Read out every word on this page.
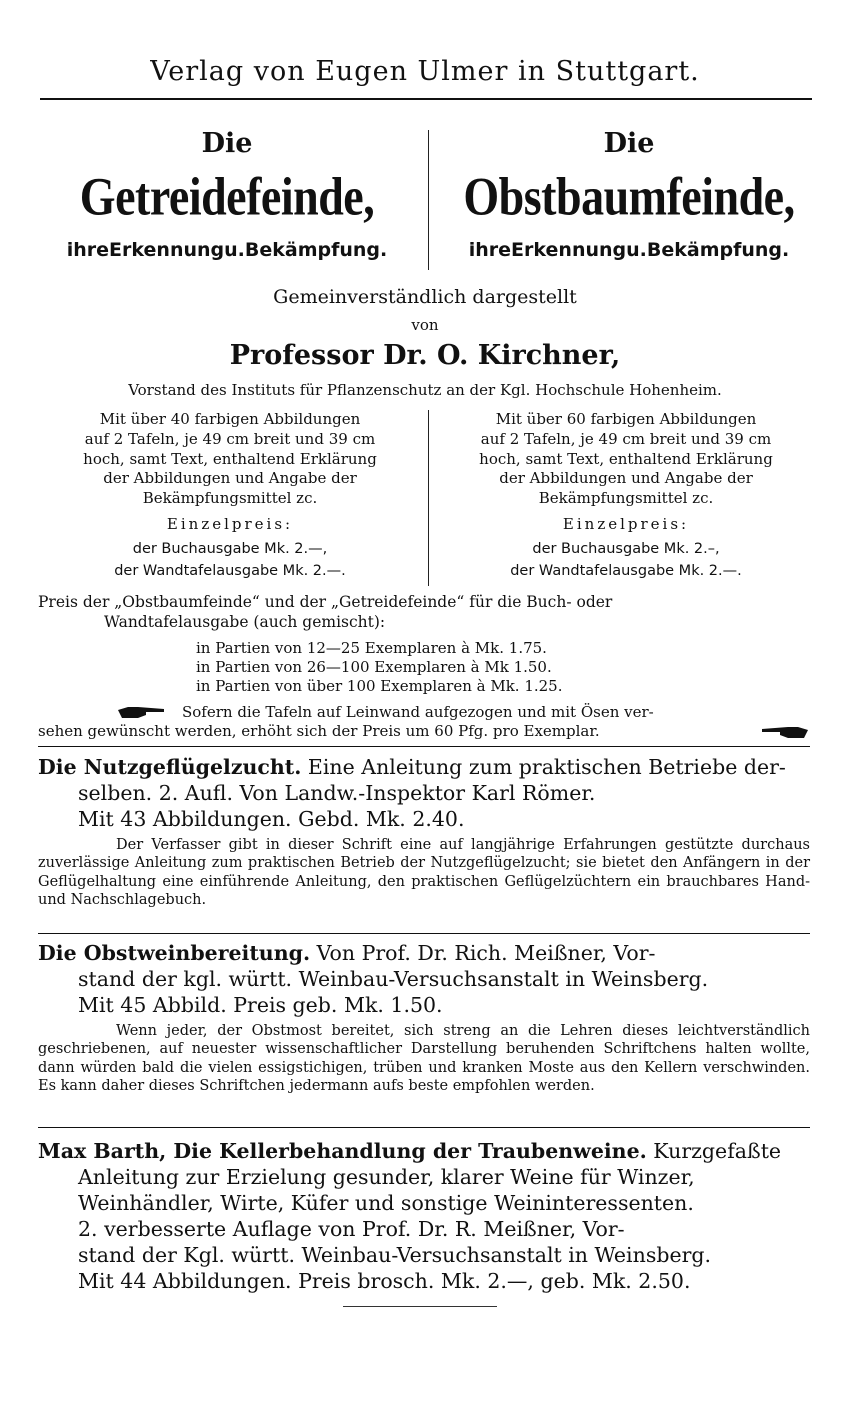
Verlag von Eugen Ulmer in Stuttgart.
Die
Getreidefeinde,
ihreErkennungu.Bekämpfung.
Die
Obstbaumfeinde,
ihreErkennungu.Bekämpfung.
Gemeinverständlich dargestellt
von
Professor Dr. O. Kirchner,
Vorstand des Instituts für Pflanzenschutz an der Kgl. Hochschule Hohenheim.
Mit über 40 farbigen Abbildungen
auf 2 Tafeln, je 49 cm breit und 39 cm
hoch, samt Text, enthaltend Erklärung
der Abbildungen und Angabe der
Bekämpfungsmittel zc.
Mit über 60 farbigen Abbildungen
auf 2 Tafeln, je 49 cm breit und 39 cm
hoch, samt Text, enthaltend Erklärung
der Abbildungen und Angabe der
Bekämpfungsmittel zc.
Einzelpreis:	Einzelpreis:
der Buchausgabe Mk. 2.—,	der Buchausgabe Mk. 2.–,
der Wandtafelausgabe Mk. 2.—.	der Wandtafelausgabe Mk. 2.—.
Preis der „Obstbaumfeinde“ und der „Getreidefeinde“ für die Buch- oder
Wandtafelausgabe (auch gemischt):
in Partien von 12—25 Exemplaren à Mk. 1.75.
in Partien von 26—100 Exemplaren à Mk 1.50.
in Partien von über 100 Exemplaren à Mk. 1.25.
Sofern die Tafeln auf Leinwand aufgezogen und mit Ösen ver-
sehen gewünscht werden, erhöht sich der Preis um 60 Pfg. pro Exemplar.
Die Nutzgeflügelzucht. Eine Anleitung zum praktischen Betriebe der-
selben. 2. Aufl. Von Landw.-Inspektor Karl Römer.
Mit 43 Abbildungen. Gebd. Mk. 2.40.
Der Verfasser gibt in dieser Schrift eine auf langjährige Erfahrungen gestützte durchaus zuverlässige Anleitung zum praktischen Betrieb der Nutzgeflügelzucht; sie bietet den Anfängern in der Geflügelhaltung eine einführende Anleitung, den praktischen Geflügelzüchtern ein brauchbares Hand- und Nachschlagebuch.
Die Obstweinbereitung. Von Prof. Dr. Rich. Meißner, Vor-
stand der kgl. württ. Weinbau-Versuchsanstalt in Weinsberg.
Mit 45 Abbild. Preis geb. Mk. 1.50.
Wenn jeder, der Obstmost bereitet, sich streng an die Lehren dieses leichtverständlich geschriebenen, auf neuester wissenschaftlicher Darstellung beruhenden Schriftchens halten wollte, dann würden bald die vielen essigstichigen, trüben und kranken Moste aus den Kellern verschwinden. Es kann daher dieses Schriftchen jedermann aufs beste empfohlen werden.
Max Barth, Die Kellerbehandlung der Traubenweine. Kurzgefaßte
Anleitung zur Erzielung gesunder, klarer Weine für Winzer,
Weinhändler, Wirte, Küfer und sonstige Weininteressenten.
2. verbesserte Auflage von Prof. Dr. R. Meißner, Vor-
stand der Kgl. württ. Weinbau-Versuchsanstalt in Weinsberg.
Mit 44 Abbildungen. Preis brosch. Mk. 2.—, geb. Mk. 2.50.
